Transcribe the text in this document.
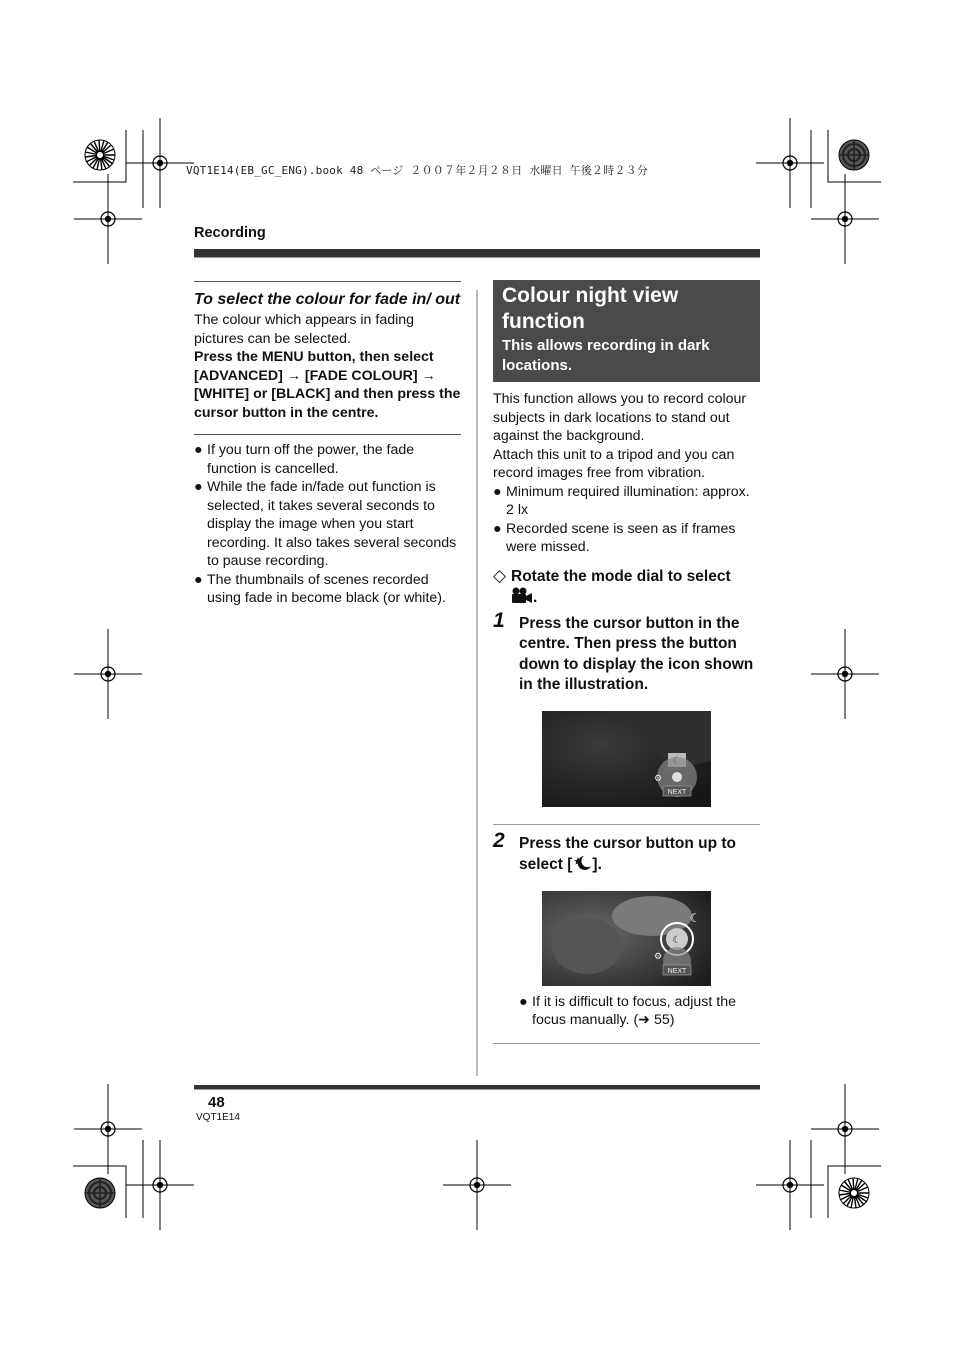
VQT1E14(EB_GC_ENG).book 48 ページ ２００７年２月２８日 水曜日 午後２時２３分
Recording
To select the colour for fade in/ out
The colour which appears in fading pictures can be selected.
Press the MENU button, then select [ADVANCED] → [FADE COLOUR] → [WHITE] or [BLACK] and then press the cursor button in the centre.
● If you turn off the power, the fade function is cancelled.
● While the fade in/fade out function is selected, it takes several seconds to display the image when you start recording. It also takes several seconds to pause recording.
● The thumbnails of scenes recorded using fade in become black (or white).
Colour night view function
This allows recording in dark locations.
This function allows you to record colour subjects in dark locations to stand out against the background.
Attach this unit to a tripod and you can record images free from vibration.
● Minimum required illumination: approx. 2 lx
● Recorded scene is seen as if frames were missed.
◇ Rotate the mode dial to select
.
1 Press the cursor button in the centre. Then press the button down to display the icon shown in the illustration.
⚙
NEXT
2 Press the cursor button up to select [ ].
☾
☾
⚙
NEXT
● If it is difficult to focus, adjust the focus manually. (➜ 55)
48
VQT1E14
